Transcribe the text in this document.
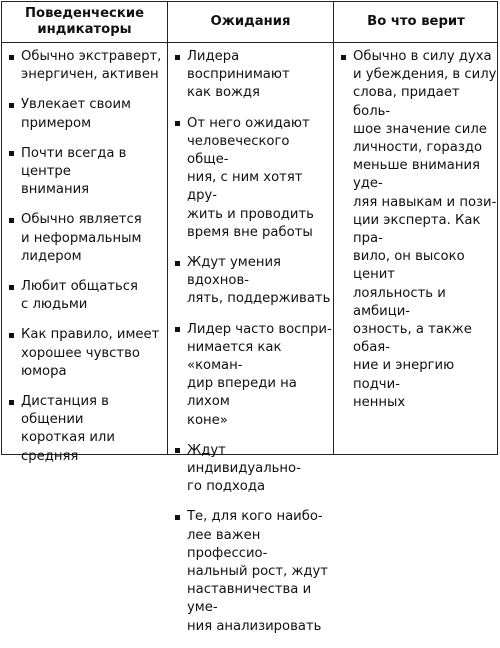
Поведенческие
индикаторы
Ожидания	Во что верит
Обычно экстраверт,
энергичен, активен
Увлекает своим
примером
Почти всегда в центре
внимания
Обычно является
и неформальным
лидером
Любит общаться
с людьми
Как правило, имеет
хорошее чувство
юмора
Дистанция в общении
короткая или средняя
Лидера воспринимают
как вождя
От него ожидают
человеческого обще-
ния, с ним хотят дру-
жить и проводить
время вне работы
Ждут умения вдохнов-
лять, поддерживать
Лидер часто воспри-
нимается как «коман-
дир впереди на лихом
коне»
Ждут индивидуально-
го подхода
Те, для кого наибо-
лее важен профессио-
нальный рост, ждут
наставничества и уме-
ния анализировать
Обычно в силу духа
и убеждения, в силу
слова, придает боль-
шое значение силе
личности, гораздо
меньше внимания уде-
ляя навыкам и пози-
ции эксперта. Как пра-
вило, он высоко ценит
лояльность и амбици-
озность, а также обая-
ние и энергию подчи-
ненных
